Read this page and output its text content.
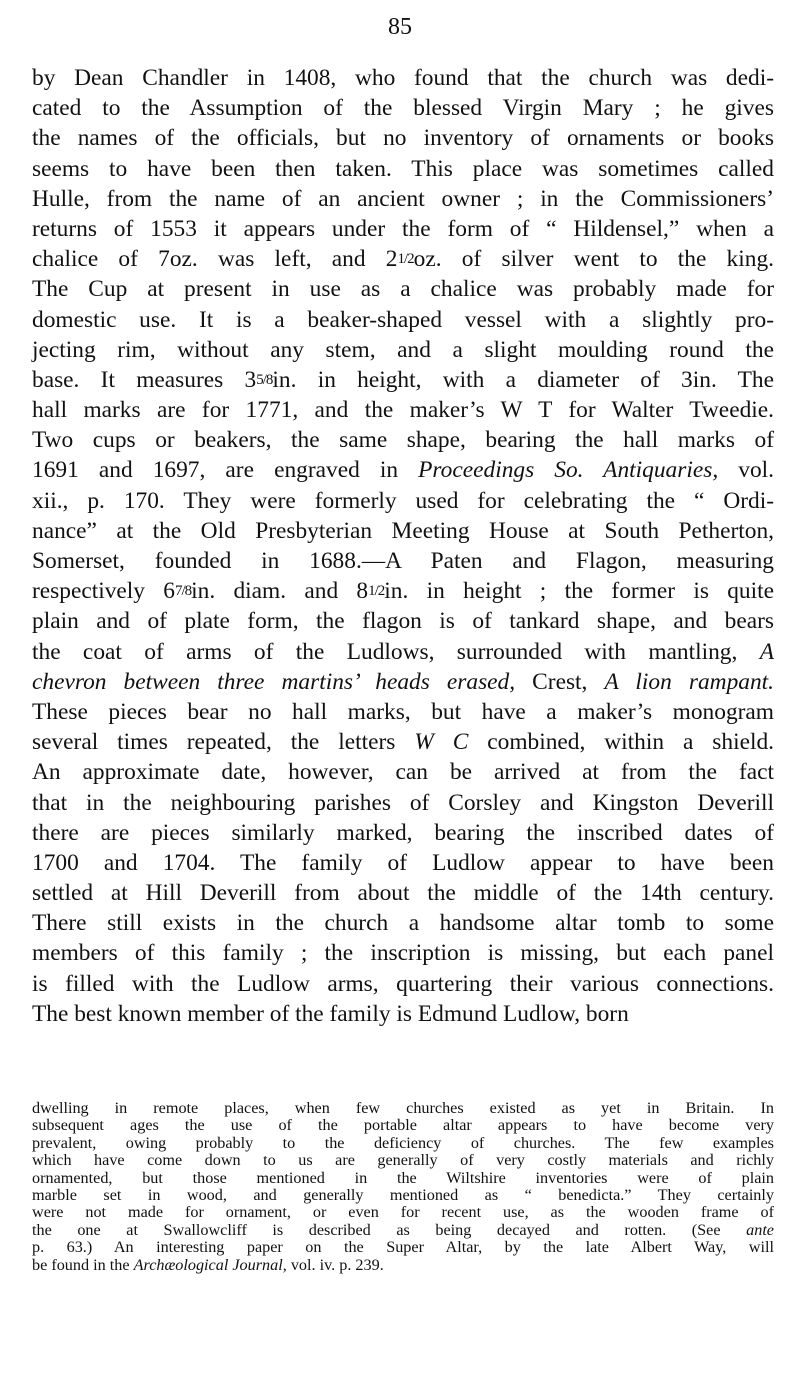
85
by Dean Chandler in 1408, who found that the church was dedi-
cated to the Assumption of the blessed Virgin Mary ; he gives
the names of the officials, but no inventory of ornaments or books
seems to have been then taken. This place was sometimes called
Hulle, from the name of an ancient owner ; in the Commissioners’
returns of 1553 it appears under the form of “ Hildensel,” when a
chalice of 7oz. was left, and 21/2oz. of silver went to the king.
The Cup at present in use as a chalice was probably made for
domestic use. It is a beaker-shaped vessel with a slightly pro-
jecting rim, without any stem, and a slight moulding round the
base. It measures 35/8in. in height, with a diameter of 3in. The
hall marks are for 1771, and the maker’s W T for Walter Tweedie.
Two cups or beakers, the same shape, bearing the hall marks of
1691 and 1697, are engraved in Proceedings So. Antiquaries, vol.
xii., p. 170. They were formerly used for celebrating the “ Ordi-
nance” at the Old Presbyterian Meeting House at South Petherton,
Somerset, founded in 1688.—A Paten and Flagon, measuring
respectively 67/8in. diam. and 81/2in. in height ; the former is quite
plain and of plate form, the flagon is of tankard shape, and bears
the coat of arms of the Ludlows, surrounded with mantling, A
chevron between three martins’ heads erased, Crest, A lion rampant.
These pieces bear no hall marks, but have a maker’s monogram
several times repeated, the letters W C combined, within a shield.
An approximate date, however, can be arrived at from the fact
that in the neighbouring parishes of Corsley and Kingston Deverill
there are pieces similarly marked, bearing the inscribed dates of
1700 and 1704. The family of Ludlow appear to have been
settled at Hill Deverill from about the middle of the 14th century.
There still exists in the church a handsome altar tomb to some
members of this family ; the inscription is missing, but each panel
is filled with the Ludlow arms, quartering their various connections.
The best known member of the family is Edmund Ludlow, born
dwelling in remote places, when few churches existed as yet in Britain. In
subsequent ages the use of the portable altar appears to have become very
prevalent, owing probably to the deficiency of churches. The few examples
which have come down to us are generally of very costly materials and richly
ornamented, but those mentioned in the Wiltshire inventories were of plain
marble set in wood, and generally mentioned as “ benedicta.” They certainly
were not made for ornament, or even for recent use, as the wooden frame of
the one at Swallowcliff is described as being decayed and rotten. (See ante
p. 63.) An interesting paper on the Super Altar, by the late Albert Way, will
be found in the Archæological Journal, vol. iv. p. 239.
